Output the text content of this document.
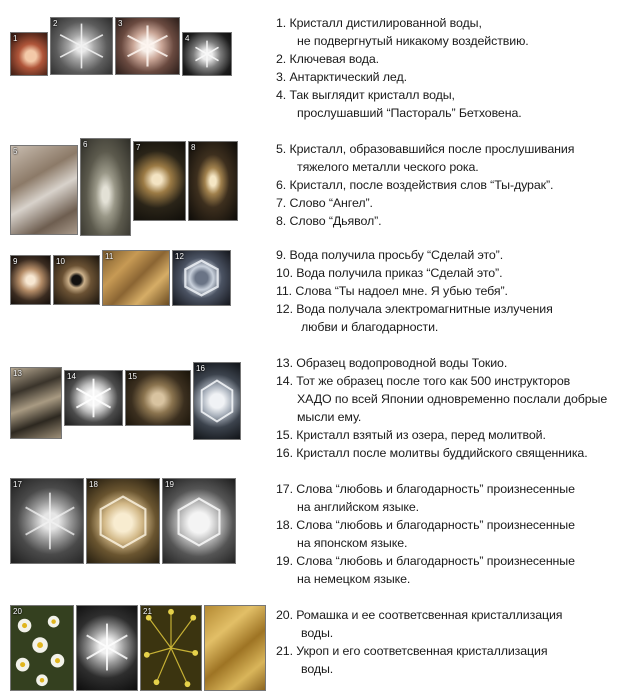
1
2	3
4
1. Кристалл дистилированной воды,
не подвергнутый никакому воздействию.
2. Ключевая вода.
3. Антарктический лед.
4. Так выглядит кристалл воды,
прослушавший “Пастораль” Бетховена.
5
6	7	8	5. Кристалл, образовавшийся после прослушивания
тяжелого металли ческого рока.
6. Кристалл, после воздействия слов “Ты-дурак”.
7. Слово “Ангел”.
8. Слово “Дьявол”.
9	10
11	12	9. Вода получила просьбу “Сделай это”.
10. Вода получила приказ “Сделай это”.
11. Слова “Ты надоел мне. Я убью тебя”.
12. Вода получала электромагнитные излучения
любви и благодарности.
13	14	15
16	13. Образец водопроводной воды Токио.
14. Тот же образец после того как 500 инструкторов
ХАДО по всей Японии одновременно послали добрые
мысли ему.
15. Кристалл взятый из озера, перед молитвой.
16. Кристалл после молитвы буддийского священника.
17	18	19	17. Слова “любовь и благодарность” произнесенные
на английском языке.
18. Слова “любовь и благодарность” произнесенные
на японском языке.
19. Слова “любовь и благодарность” произнесенные
на немецком языке.
20	21	20. Ромашка и ее соответсвенная кристаллизация
воды.
21. Укроп и его соответсвенная кристаллизация
воды.
